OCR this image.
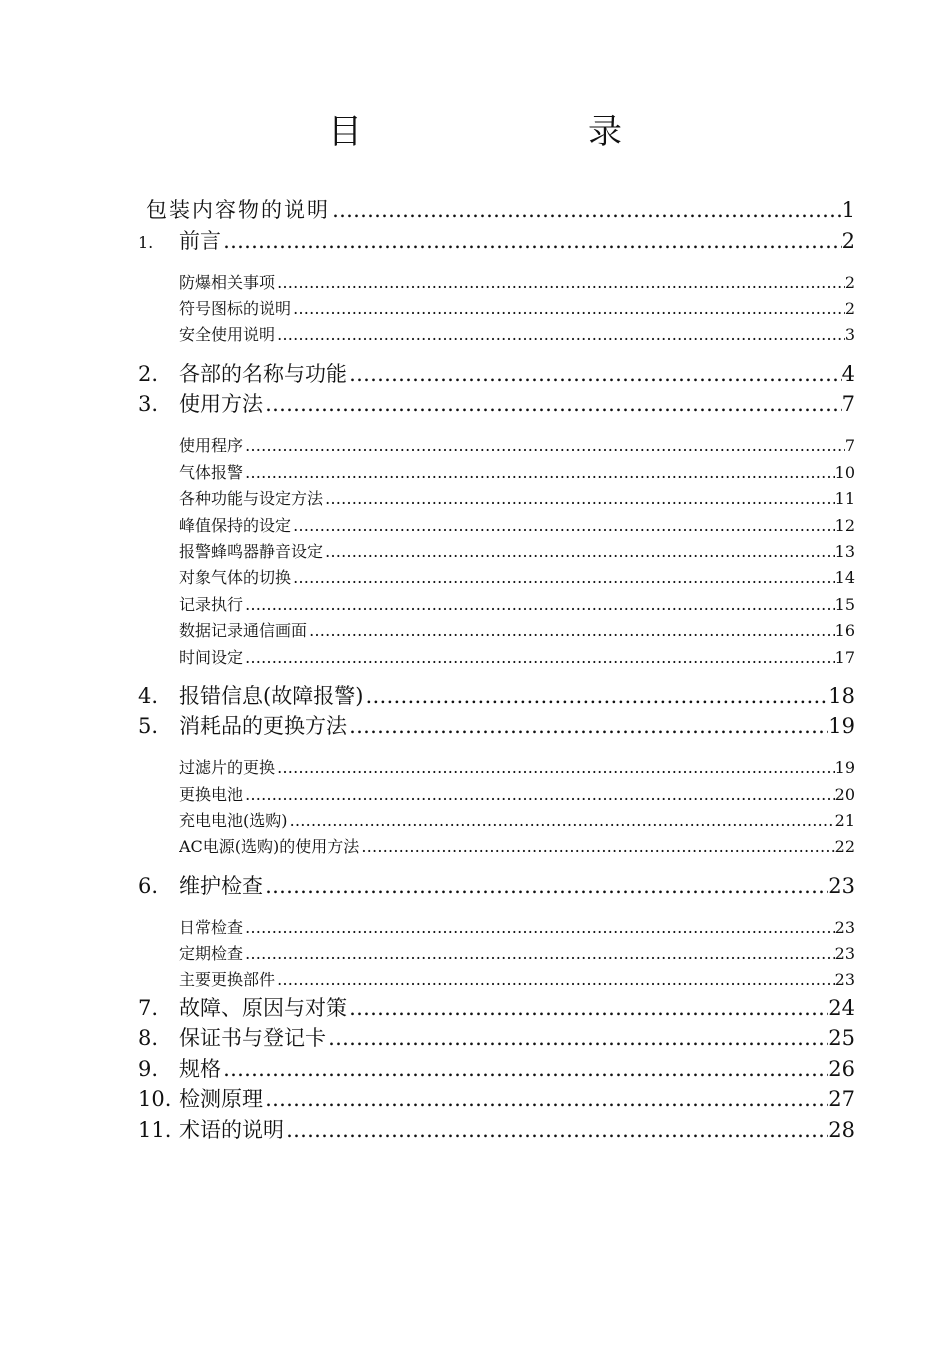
目　录
包装内容物的说明 …………………………………………………………………………………………………………………………………………………………………………………………	1
1.	前言 …………………………………………………………………………………………………………………………………………………………………………………………	2
防爆相关事项 …………………………………………………………………………………………………………………………………………………………………………………………	2
符号图标的说明 …………………………………………………………………………………………………………………………………………………………………………………………	2
安全使用说明 …………………………………………………………………………………………………………………………………………………………………………………………	3
2. 各部的名称与功能 …………………………………………………………………………………………………………………………………………………………………………………………	4
3. 使用方法 …………………………………………………………………………………………………………………………………………………………………………………………	7
使用程序 …………………………………………………………………………………………………………………………………………………………………………………………	7
气体报警 …………………………………………………………………………………………………………………………………………………………………………………………	10
各种功能与设定方法 …………………………………………………………………………………………………………………………………………………………………………………………	11
峰值保持的设定 …………………………………………………………………………………………………………………………………………………………………………………………	12
报警蜂鸣器静音设定 …………………………………………………………………………………………………………………………………………………………………………………………	13
对象气体的切换 …………………………………………………………………………………………………………………………………………………………………………………………	14
记录执行 …………………………………………………………………………………………………………………………………………………………………………………………	15
数据记录通信画面 …………………………………………………………………………………………………………………………………………………………………………………………	16
时间设定 …………………………………………………………………………………………………………………………………………………………………………………………	17
4. 报错信息(故障报警) …………………………………………………………………………………………………………………………………………………………………………………………	18
5. 消耗品的更换方法 …………………………………………………………………………………………………………………………………………………………………………………………	19
过滤片的更换 …………………………………………………………………………………………………………………………………………………………………………………………	19
更换电池 …………………………………………………………………………………………………………………………………………………………………………………………	20
充电电池(选购) …………………………………………………………………………………………………………………………………………………………………………………………	21
AC电源(选购)的使用方法 …………………………………………………………………………………………………………………………………………………………………………………………	22
6. 维护检查 …………………………………………………………………………………………………………………………………………………………………………………………	23
日常检查 …………………………………………………………………………………………………………………………………………………………………………………………	23
定期检查 …………………………………………………………………………………………………………………………………………………………………………………………	23
主要更换部件 …………………………………………………………………………………………………………………………………………………………………………………………	23
7. 故障、原因与对策 …………………………………………………………………………………………………………………………………………………………………………………………	24
8. 保证书与登记卡 …………………………………………………………………………………………………………………………………………………………………………………………	25
9. 规格 …………………………………………………………………………………………………………………………………………………………………………………………	26
10. 检测原理 …………………………………………………………………………………………………………………………………………………………………………………………	27
11. 术语的说明 …………………………………………………………………………………………………………………………………………………………………………………………	28
